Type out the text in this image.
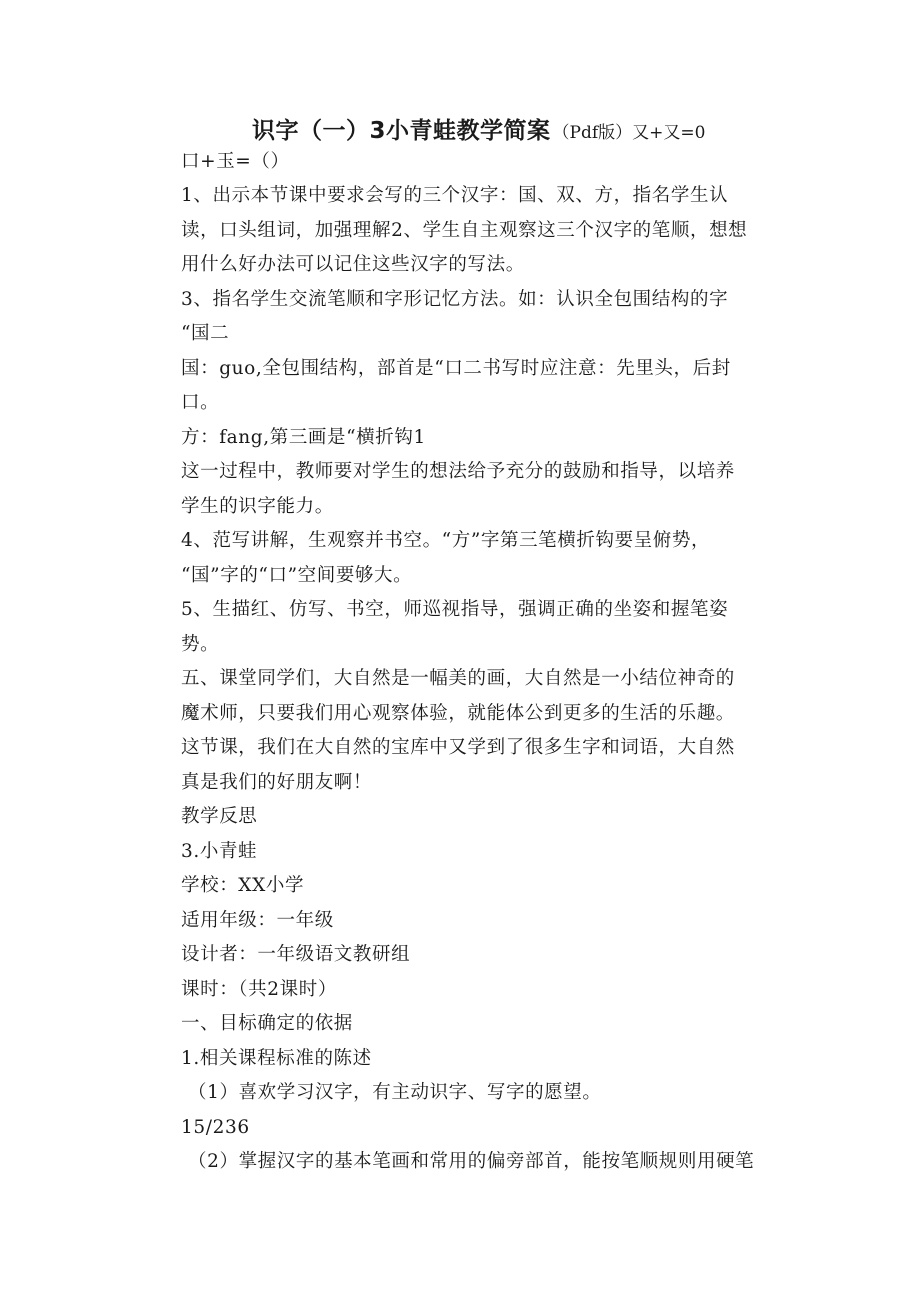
识字（一）3小青蛙教学简案 （Pdf版）又+又=0
口+玉=（）
1、出示本节课中要求会写的三个汉字：国、双、方，指名学生认
读，口头组词，加强理解2、学生自主观察这三个汉字的笔顺，想想
用什么好办法可以记住这些汉字的写法。
3、指名学生交流笔顺和字形记忆方法。如：认识全包围结构的字
“国二
国：guo,全包围结构，部首是“口二书写时应注意：先里头，后封
口。
方：fang,第三画是“横折钩1
这一过程中，教师要对学生的想法给予充分的鼓励和指导，以培养
学生的识字能力。
4、范写讲解，生观察并书空。“方”字第三笔横折钩要呈俯势，
“国”字的“口”空间要够大。
5、生描红、仿写、书空，师巡视指导，强调正确的坐姿和握笔姿
势。
五、课堂同学们，大自然是一幅美的画，大自然是一小结位神奇的
魔术师，只要我们用心观察体验，就能体公到更多的生活的乐趣。
这节课，我们在大自然的宝库中又学到了很多生字和词语，大自然
真是我们的好朋友啊！
教学反思
3.小青蛙
学校：XX小学
适用年级：一年级
设计者：一年级语文教研组
课时：（共2课时）
一、目标确定的依据
1.相关课程标准的陈述
（1）喜欢学习汉字，有主动识字、写字的愿望。
15/236
（2）掌握汉字的基本笔画和常用的偏旁部首，能按笔顺规则用硬笔
